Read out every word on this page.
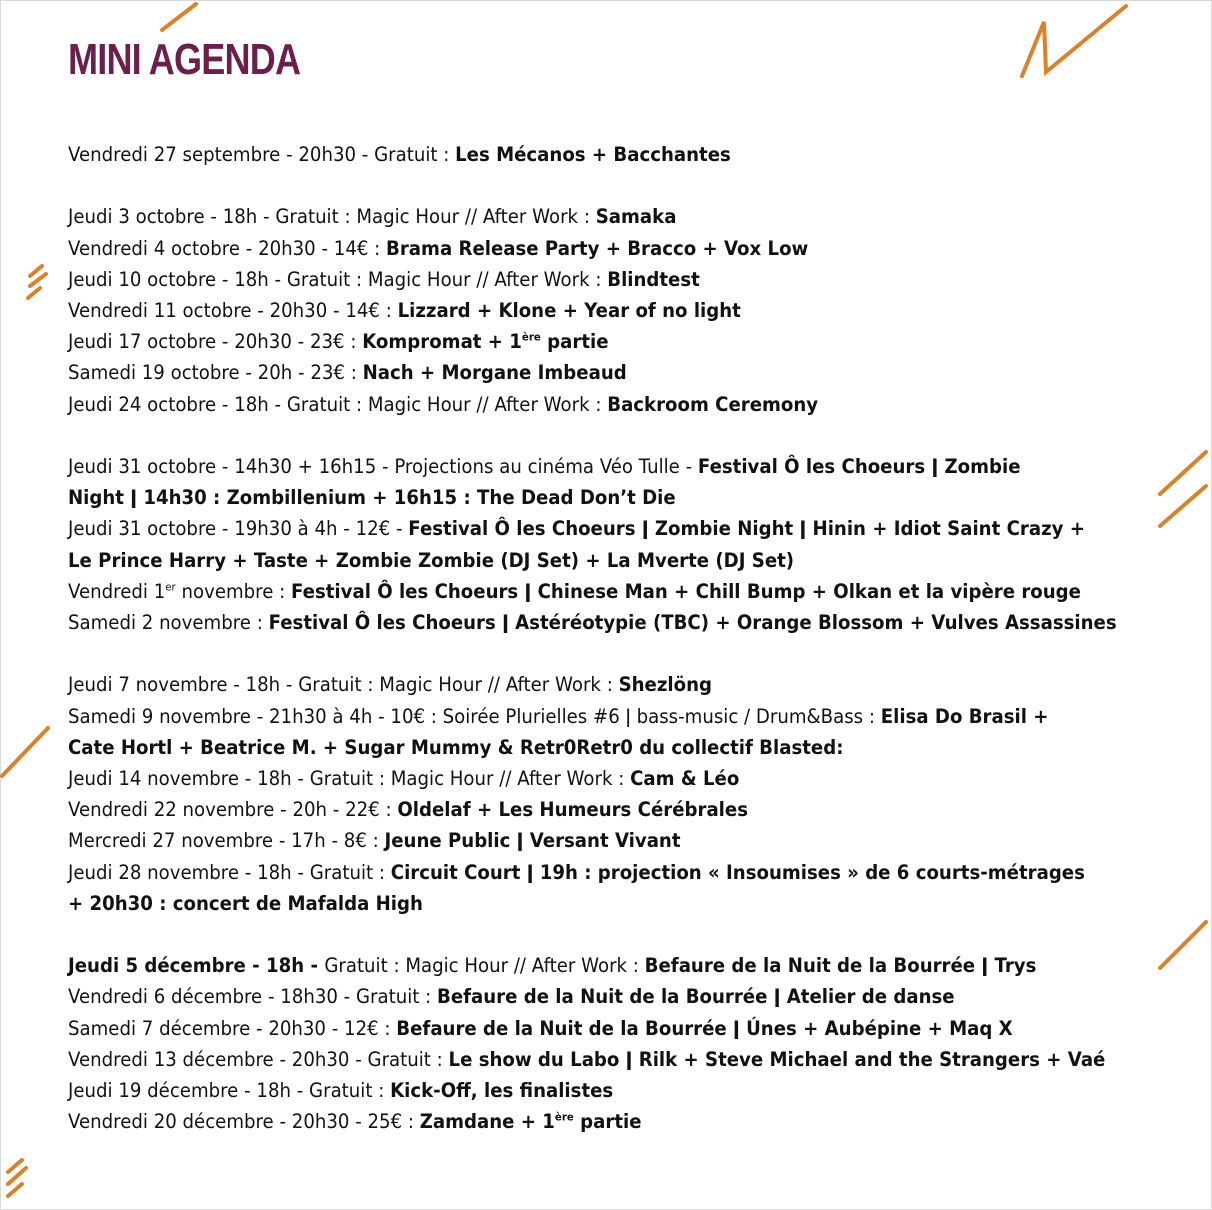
MINI AGENDA
Vendredi 27 septembre - 20h30 - Gratuit : Les Mécanos + Bacchantes
Jeudi 3 octobre - 18h - Gratuit : Magic Hour // After Work : Samaka
Vendredi 4 octobre - 20h30 - 14€ : Brama Release Party + Bracco + Vox Low
Jeudi 10 octobre - 18h - Gratuit : Magic Hour // After Work : Blindtest
Vendredi 11 octobre - 20h30 - 14€ : Lizzard + Klone + Year of no light
Jeudi 17 octobre - 20h30 - 23€ : Kompromat + 1ère partie
Samedi 19 octobre - 20h - 23€ : Nach + Morgane Imbeaud
Jeudi 24 octobre - 18h - Gratuit : Magic Hour // After Work : Backroom Ceremony
Jeudi 31 octobre - 14h30 + 16h15 - Projections au cinéma Véo Tulle - Festival Ô les Choeurs ǀ Zombie
Night ǀ 14h30 : Zombillenium + 16h15 : The Dead Don’t Die
Jeudi 31 octobre - 19h30 à 4h - 12€ - Festival Ô les Choeurs ǀ Zombie Night ǀ Hinin + Idiot Saint Crazy +
Le Prince Harry + Taste + Zombie Zombie (DJ Set) + La Mverte (DJ Set)
Vendredi 1er novembre : Festival Ô les Choeurs ǀ Chinese Man + Chill Bump + Olkan et la vipère rouge
Samedi 2 novembre : Festival Ô les Choeurs ǀ Astéréotypie (TBC) + Orange Blossom + Vulves Assassines
Jeudi 7 novembre - 18h - Gratuit : Magic Hour // After Work : Shezlöng
Samedi 9 novembre - 21h30 à 4h - 10€ : Soirée Plurielles #6 ǀ bass-music / Drum&Bass : Elisa Do Brasil +
Cate Hortl + Beatrice M. + Sugar Mummy & Retr0Retr0 du collectif Blasted:
Jeudi 14 novembre - 18h - Gratuit : Magic Hour // After Work : Cam & Léo
Vendredi 22 novembre - 20h - 22€ : Oldelaf + Les Humeurs Cérébrales
Mercredi 27 novembre - 17h - 8€ : Jeune Public ǀ Versant Vivant
Jeudi 28 novembre - 18h - Gratuit : Circuit Court ǀ 19h : projection « Insoumises » de 6 courts-métrages
+ 20h30 : concert de Mafalda High
Jeudi 5 décembre - 18h - Gratuit : Magic Hour // After Work : Befaure de la Nuit de la Bourrée ǀ Trys
Vendredi 6 décembre - 18h30 - Gratuit : Befaure de la Nuit de la Bourrée ǀ Atelier de danse
Samedi 7 décembre - 20h30 - 12€ : Befaure de la Nuit de la Bourrée ǀ Únes + Aubépine + Maq X
Vendredi 13 décembre - 20h30 - Gratuit : Le show du Labo ǀ Rilk + Steve Michael and the Strangers + Vaé
Jeudi 19 décembre - 18h - Gratuit : Kick-Off, les finalistes
Vendredi 20 décembre - 20h30 - 25€ : Zamdane + 1ère partie
